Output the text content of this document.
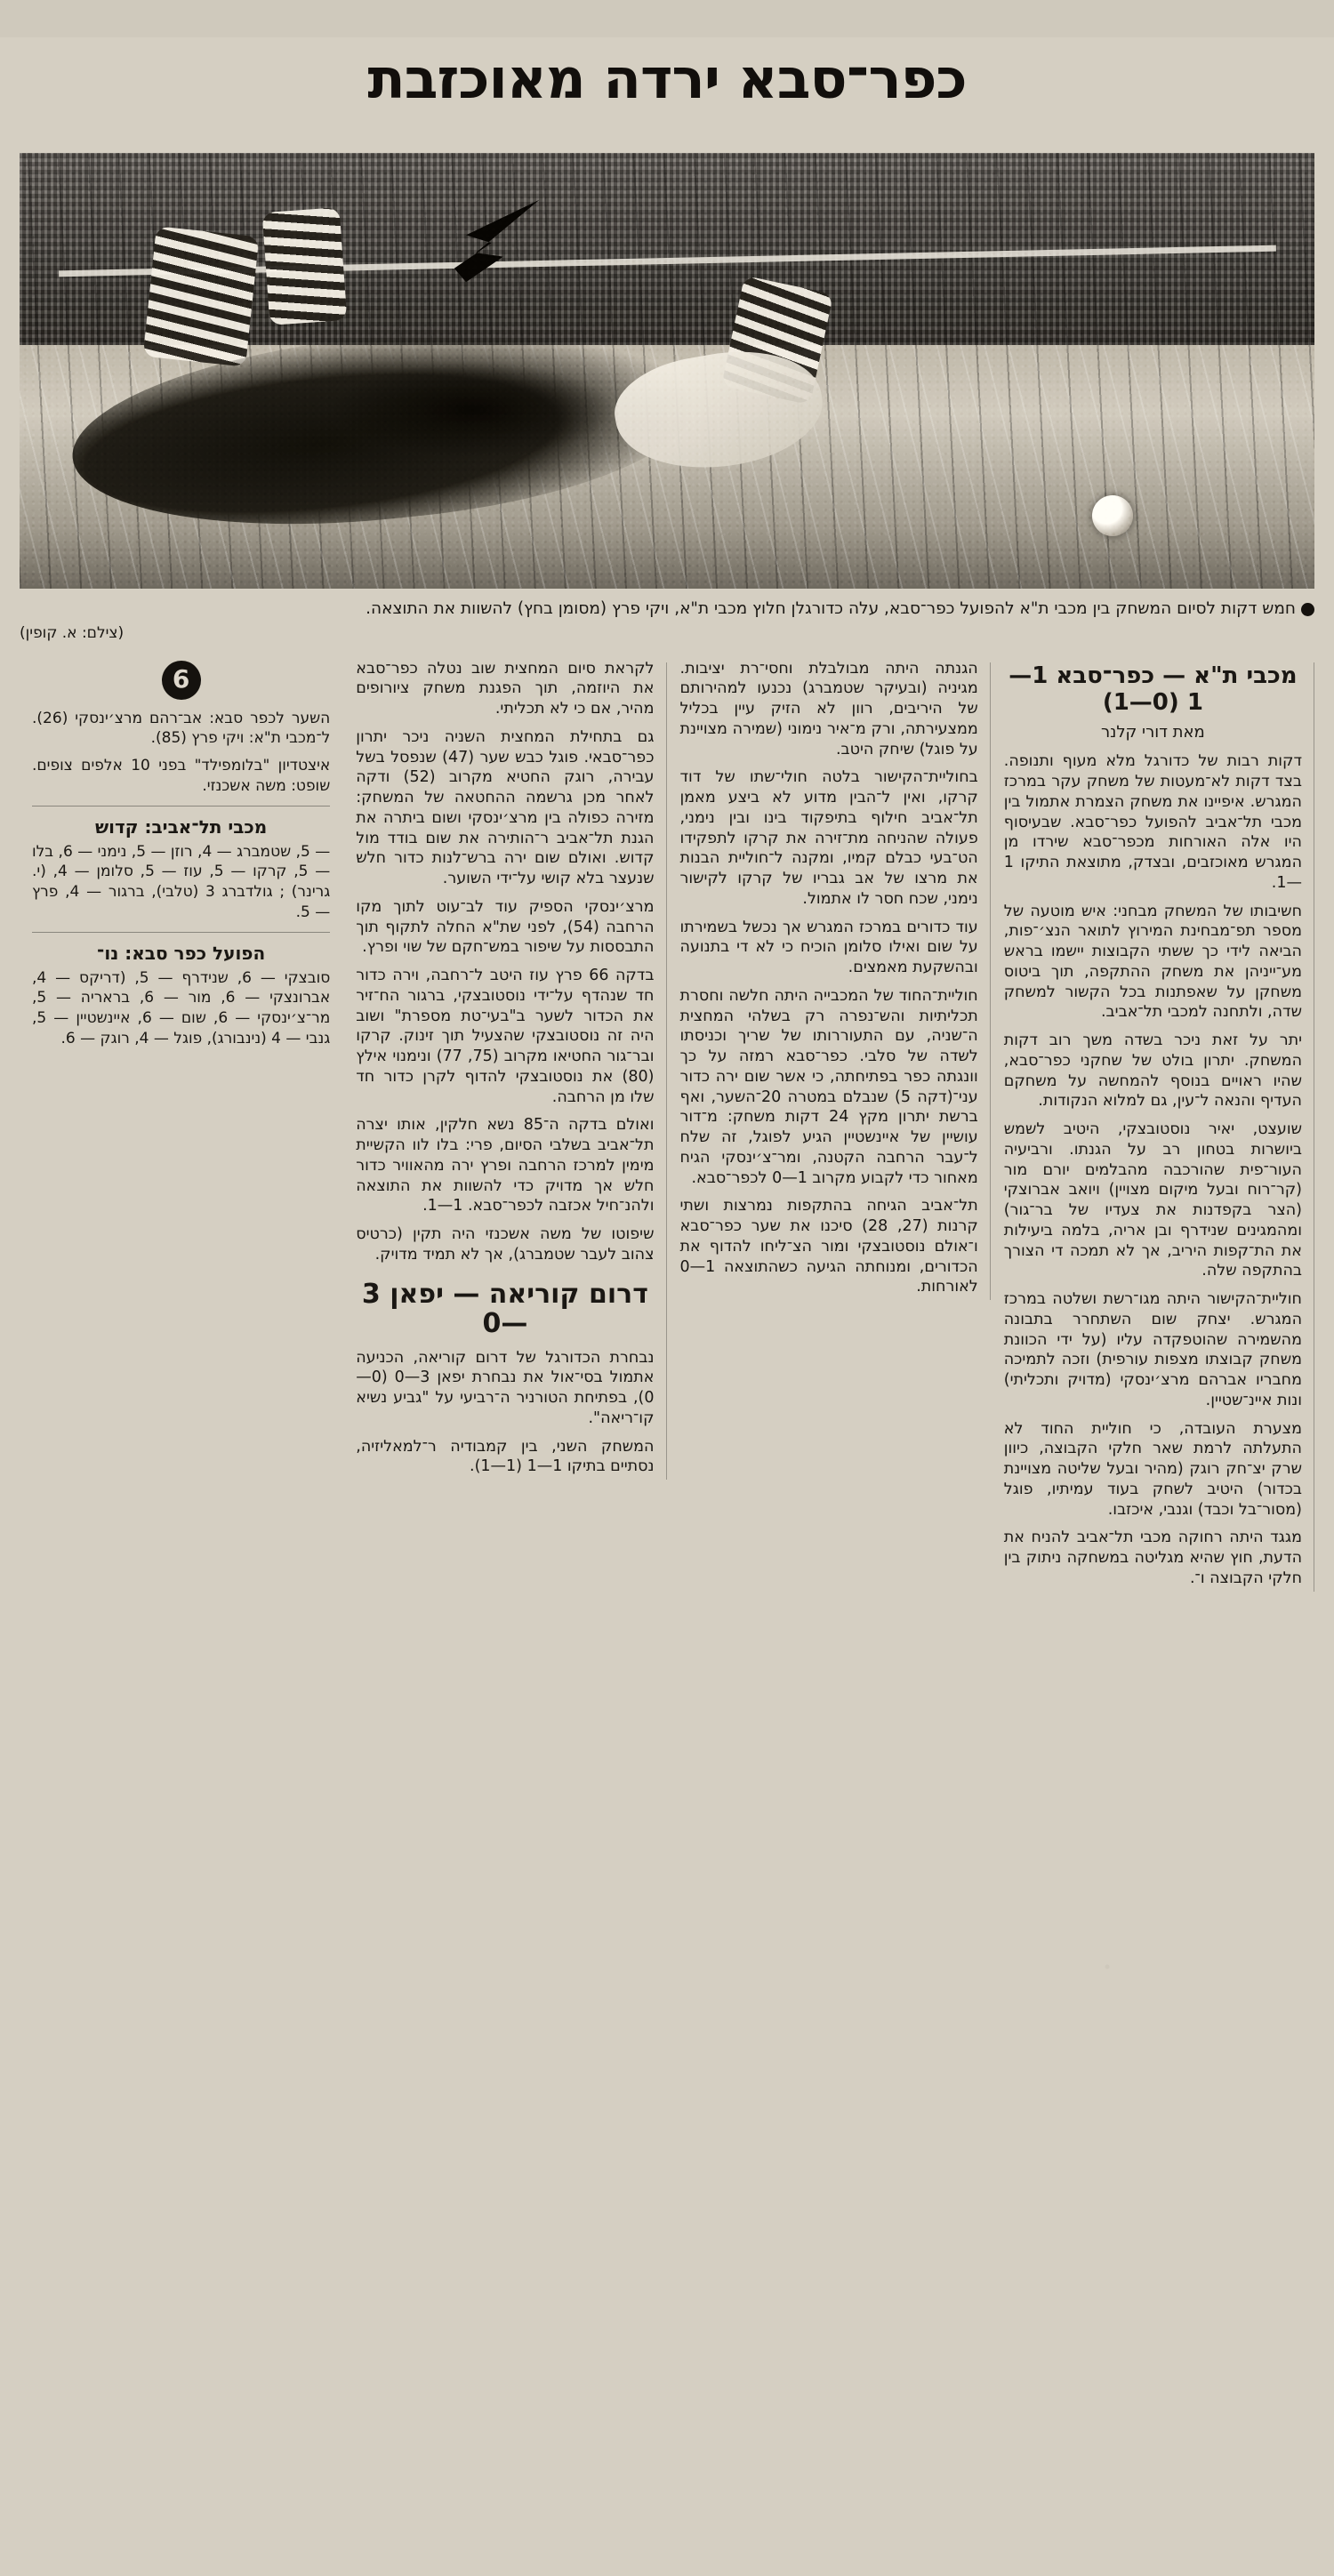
כפר־סבא ירדה מאוכזבת
חמש דקות לסיום המשחק בין מכבי ת"א להפועל כפר־סבא, עלה כדורגלן חלוץ מכבי ת"א, ויקי פרץ (מסומן בחץ) להשוות את התוצאה.
(צילם: א. קופין)
מכבי ת"א — כפר־סבא 1—1 (0—1)
מאת דורי קלנר

דקות רבות של כדורגל מלא מעוף ותנופה. בצד דקות לא־מעטות של משחק עקר במרכז המגרש. איפיינו את משחק הצמרת אתמול בין מכבי תל־אביב להפועל כפר־סבא. שבעיסוף היו אלה האורחות מכפר־סבא שירדו מן המגרש מאוכזבים, ובצדק, מתוצאת התיקו 1—1.

חשיבותו של המשחק מבחני: איש מוטעה של מספר תפ־מבחינת המירוץ לתואר הנצ׳־פות, הביאה לידי כך ששתי הקבוצות יישמו בראש מע־ייניהן את משחק ההתקפה, תוך ביטוס משחקן על שאפתנות בכל הקשור למשחק שדה, ולתחנה למכבי תל־אביב.

יתר על זאת ניכר בשדה משך רוב דקות המשחק. יתרון בולט של שחקני כפר־סבא, שהיו ראויים בנוסף להמחשה על משחקם העדיף והנאה ל־עין, גם למלוא הנקודות.

שועצט, יאיר נוסטובצקי, היטיב לשמש ביושרות בטחון רב על הגנתו. ורביעיה העור־פית שהורכבה מהבלמים יורם מור (קר־רוח ובעל מיקום מצויין) ויואב אברוצקי (הצר בקפדנות את צעדיו של בר־גור) ומהמגינים שנידרף ובן אריה, בלמה ביעילות את הת־קפות היריב, אך לא תמכה די הצורך בהתקפה שלה.

חוליית־הקישור היתה מגו־רשת ושלטה במרכז המגרש. יצחק שום השתחרר בתבונה מהשמירה שהוטפקדה עליו (על ידי הכוונת משחק קבוצתו מצפות עורפית) וזכה לתמיכה מחבריו אברהם מרצ׳ינסקי (מדויק ותכליתי) ונות איינ־שטיין.

מצערת העובדה, כי חוליית החוד לא התעלתה לרמת שאר חלקי הקבוצה, כיוון שרק יצ־חק רוגק (מהיר ובעל שליטה מצויינת בכדור) היטיב לשחק בעוד עמיתיו, פוגל (מסור־בל וכבד) וגנבי, איכזבו.

מגגד היתה רחוקה מכבי תל־אביב להניח את הדעת, חוץ שהיא מגליטה במשחקה ניתוק בין חלקי הקבוצה ו־.

הגנתה היתה מבולבלת וחסי־רת יציבות. מגיניה (ובעיקר שטמברג) נכנעו למהירותם של היריבים, רוון לא הזיק עיין בכליל ממצעירתה, ורק מ־איר נימוני (שמירה מצויינת על פוגל) שיחק היטב.

בחוליית־הקישור בלטה חולי־שתו של דוד קרקו, ואין ל־הבין מדוע לא ביצע מאמן תל־אביב חילוף בתיפקוד בינו ובין נימני, פעולה שהניחה מת־זירה את קרקו לתפקידו הט־בעי כבלם קמיו, ומקנה ל־חוליית הבנות את מרצו של אב גבריו של קרקו לקישור נימני, שכח חסר לו אתמול.

עוד כדורים במרכז המגרש אך נכשל בשמירתו על שום ואילו סלומן הוכיח כי לא די בתנועה ובהשקעת מאמצים.

חוליית־החוד של המכבייה היתה חלשה וחסרת תכליתיות והש־נפרה רק בשלהי המחצית ה־שניה, עם התעוררותו של שריך וכניסתו לשדה של סלבי. כפר־סבא רמזה על כך וונגתה כפר בפתיחתה, כי אשר שום ירה כדור עני־(דקה 5) שנבלם במטרה 20־השער, ואף ברשת יתרון מקץ 24 דקות משחק: מ־דור עושיין של איינשטיין הגיע לפוגל, זה שלח ל־עבר הרחבה הקטנה, ומר־צ׳ינסקי הגיח מאחור כדי לקבוע מקרוב 1—0 לכפר־סבא.

תל־אביב הגיחה בהתקפות נמרצות ושתי קרנות (27, 28) סיכנו את שער כפר־סבא ו־אולם נוסטובצקי ומור הצ־ליחו להדוף את הכדורים, ומנוחתה הגיעה כשהתוצאה 1—0 לאורחות.

לקראת סיום המחצית שוב נטלה כפר־סבא את היוזמה, תוך הפגנת משחק ציורופים מהיר, אם כי לא תכליתי.

גם בתחילת המחצית השניה ניכר יתרון כפר־סבאי. פוגל כבש שער (47) שנפסל בשל עבירה, רוגק החטיא מקרוב (52) ודקה לאחר מכן גרשמה ההחטאה של המשחק: מזירה כפולה בין מרצ׳ינסקי ושום ביתרה את הגנת תל־אביב ר־הותירה את שום בודד מול קדוש. ואולם שום ירה ברש־לנות כדור חלש שנעצר בלא קושי על־ידי השוער.

מרצ׳ינסקי הספיק עוד לב־עוט לתוך מקו הרחבה (54), לפני שת"א החלה לתקוף תוך התבססות על שיפור במש־חקם של שוי ופרץ.

בדקה 66 פרץ עוז היטב ל־רחבה, וירה כדור חד שנהדף על־ידי נוסטובצקי, ברגור הח־זיר את הכדור לשער ב"בעי־טת מספרת" ושוב היה זה נוסטובצקי שהצעיל תוך זינוק. קרקו ובר־גור החטיאו מקרוב (75, 77) ונימנוי אילץ (80) את נוסטובצקי להדוף לקרן כדור חד שלו מן הרחבה.

ואולם בדקה ה־85 נשא חלקין, אותו יצרה תל־אביב בשלבי הסיום, פרי: בלו לוו הקשיית מימין למרכז הרחבה ופרץ ירה מהאוויר כדור חלש אך מדויק כדי להשוות את התוצאה ולהנ־חיל אכזבה לכפר־סבא. 1—1.

שיפוטו של משה אשכנזי היה תקין (כרטיס צהוב לעבר שטמברג), אך לא תמיד מדויק.

דרום קוריאה — יפאן 3—0

נבחרת הכדורגל של דרום קוריאה, הכניעה אתמול בסי־אול את נבחרת יפאן 3—0 (0—0), בפתיחת הטורניר ה־רביעי על "גביע נשיא קו־ריאה".

המשחק השני, בין קמבודיה ר־למאליזיה, נסתיים בתיקו 1—1 (1—1).

6
השער לכפר סבא: אב־רהם מרצ׳ינסקי (26). ל־מכבי ת"א: ויקי פרץ (85).
איצטדיון "בלומפילד" בפני 10 אלפים צופים. שופט: משה אשכנזי.
מכבי תל־אביב: קדוש
— 5, שטמברג — 4, רוזן — 5, נימני — 6, בלו — 5, קרקו — 5, עוז — 5, סלומן — 4, (י. גרינר) ; גולדברג 3 (טלבי), ברגור — 4, פרץ — 5.
הפועל כפר סבא: נו־
סובצקי — 6, שנידרף — 5, (דריקס — 4, אברונצקי — 6, מור — 6, בראריה — 5, מר־צ׳ינסקי — 6, שום — 6, איינשטיין — 5, גנבי — 4 (נינבורג), פוגל — 4, רוגק — 6.
